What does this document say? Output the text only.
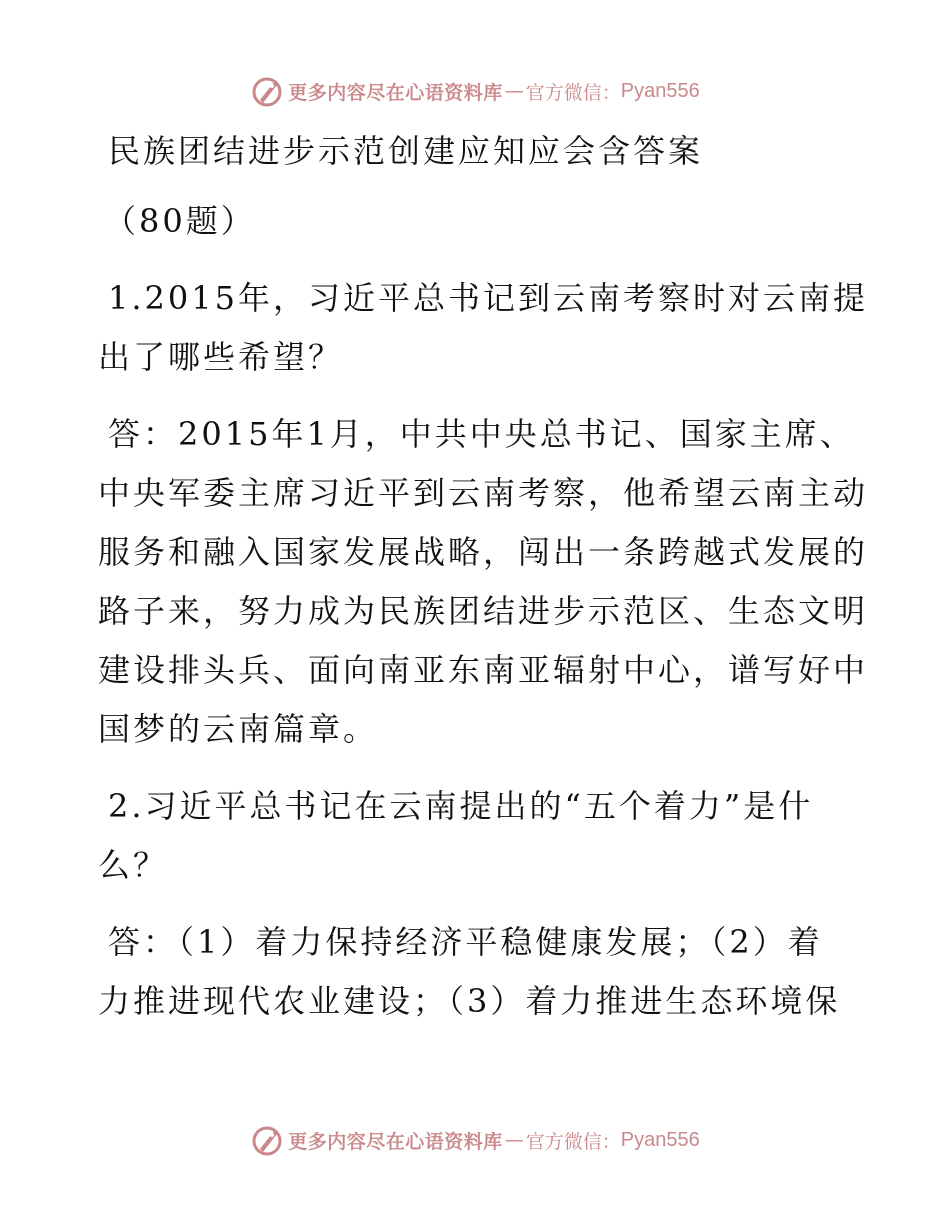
更多内容尽在心语资料库 — 官方微信： Pyan556
民族团结进步示范创建应知应会含答案
（80题）
1.2015年，习近平总书记到云南考察时对云南提
出了哪些希望？
答：2015年1月，中共中央总书记、国家主席、
中央军委主席习近平到云南考察，他希望云南主动
服务和融入国家发展战略，闯出一条跨越式发展的
路子来，努力成为民族团结进步示范区、生态文明
建设排头兵、面向南亚东南亚辐射中心，谱写好中
国梦的云南篇章。
2.习近平总书记在云南提出的“五个着力”是什
么？
答：（1）着力保持经济平稳健康发展；（2）着
力推进现代农业建设；（3）着力推进生态环境保
更多内容尽在心语资料库 — 官方微信： Pyan556
